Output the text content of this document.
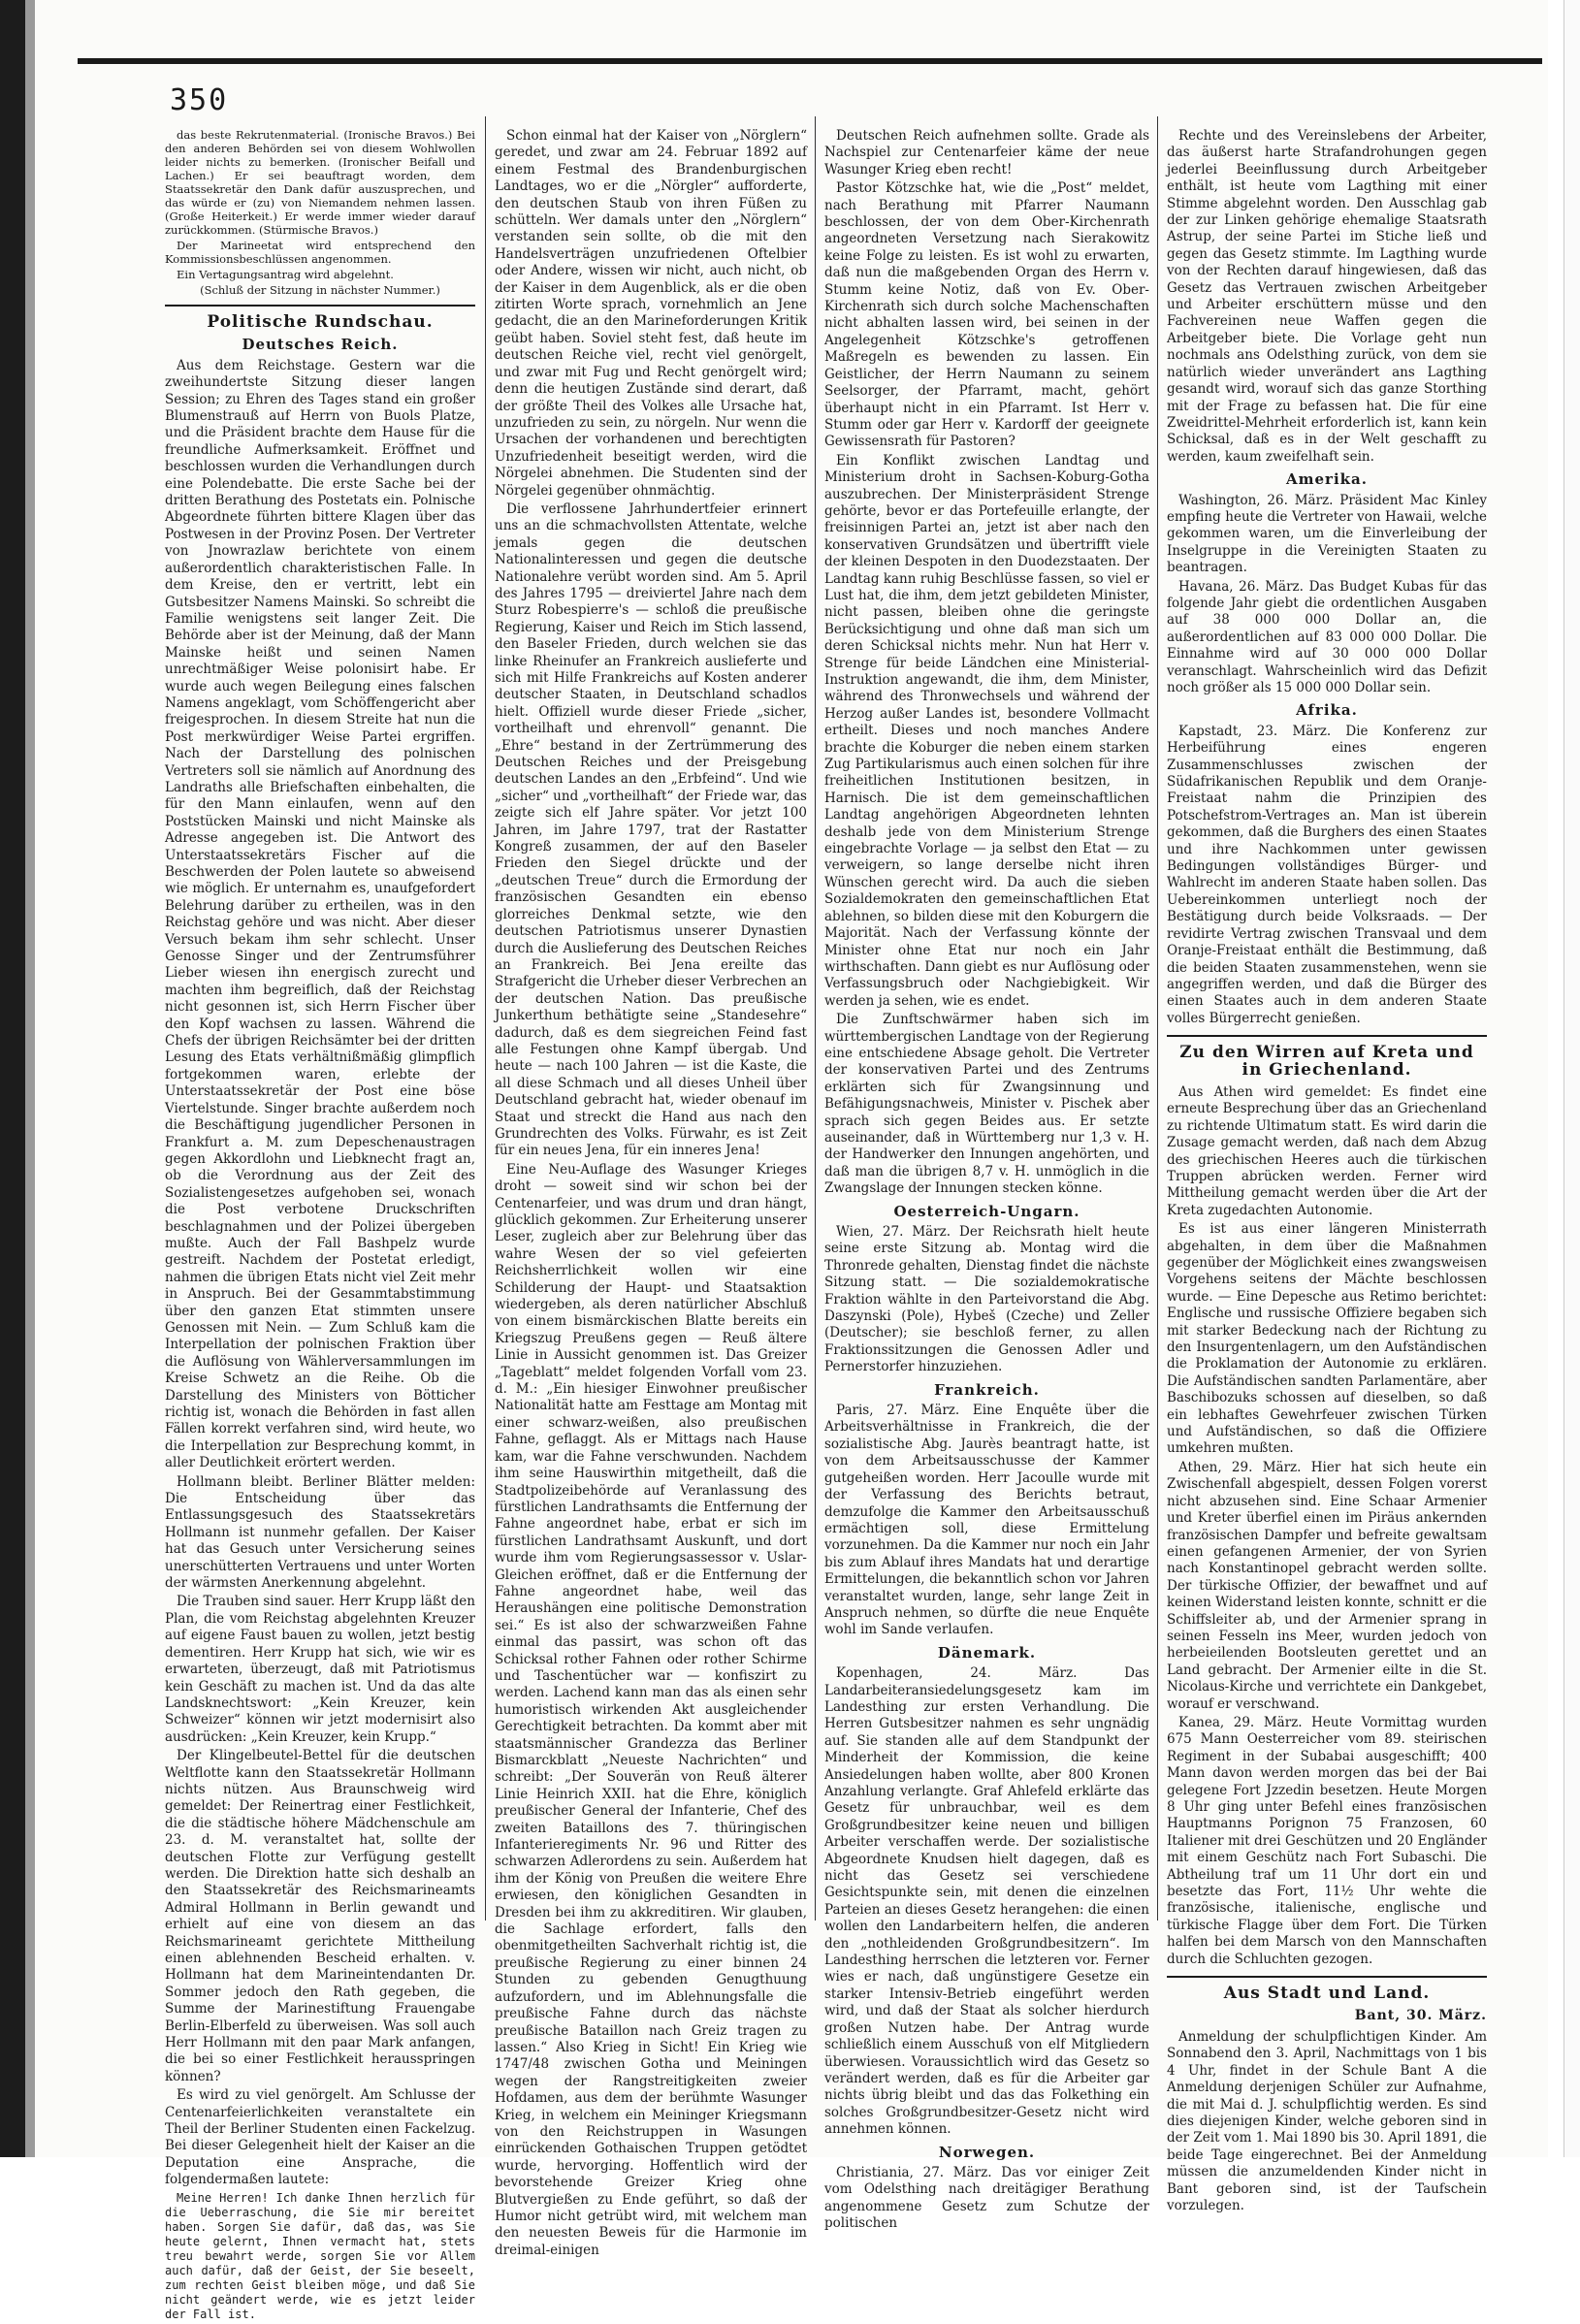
350

das beste Rekrutenmaterial. (Ironische Bravos.) Bei den anderen Behörden sei von diesem Wohlwollen leider nichts zu bemerken. (Ironischer Beifall und Lachen.) Er sei beauftragt worden, dem Staatssekretär den Dank dafür auszusprechen, und das würde er (zu) von Niemandem nehmen lassen. (Große Heiterkeit.) Er werde immer wieder darauf zurückkommen. (Stürmische Bravos.)

Der Marineetat wird entsprechend den Kommissionsbeschlüssen angenommen.

Ein Vertagungsantrag wird abgelehnt.

(Schluß der Sitzung in nächster Nummer.)

Politische Rundschau.
Deutsches Reich.

Aus dem Reichstage. Gestern war die zweihundertste Sitzung dieser langen Session; zu Ehren des Tages stand ein großer Blumenstrauß auf Herrn von Buols Platze, und die Präsident brachte dem Hause für die freundliche Aufmerksamkeit. Eröffnet und beschlossen wurden die Verhandlungen durch eine Polendebatte. Die erste Sache bei der dritten Berathung des Postetats ein. Polnische Abgeordnete führten bittere Klagen über das Postwesen in der Provinz Posen. Der Vertreter von Jnowrazlaw berichtete von einem außerordentlich charakteristischen Falle. In dem Kreise, den er vertritt, lebt ein Gutsbesitzer Namens Mainski. So schreibt die Familie wenigstens seit langer Zeit. Die Behörde aber ist der Meinung, daß der Mann Mainske heißt und seinen Namen unrechtmäßiger Weise polonisirt habe. Er wurde auch wegen Beilegung eines falschen Namens angeklagt, vom Schöffengericht aber freigesprochen. In diesem Streite hat nun die Post merkwürdiger Weise Partei ergriffen. Nach der Darstellung des polnischen Vertreters soll sie nämlich auf Anordnung des Landraths alle Briefschaften einbehalten, die für den Mann einlaufen, wenn auf den Poststücken Mainski und nicht Mainske als Adresse angegeben ist. Die Antwort des Unterstaatssekretärs Fischer auf die Beschwerden der Polen lautete so abweisend wie möglich. Er unternahm es, unaufgefordert Belehrung darüber zu ertheilen, was in den Reichstag gehöre und was nicht. Aber dieser Versuch bekam ihm sehr schlecht. Unser Genosse Singer und der Zentrumsführer Lieber wiesen ihn energisch zurecht und machten ihm begreiflich, daß der Reichstag nicht gesonnen ist, sich Herrn Fischer über den Kopf wachsen zu lassen. Während die Chefs der übrigen Reichsämter bei der dritten Lesung des Etats verhältnißmäßig glimpflich fortgekommen waren, erlebte der Unterstaatssekretär der Post eine böse Viertelstunde. Singer brachte außerdem noch die Beschäftigung jugendlicher Personen in Frankfurt a. M. zum Depeschenaustragen gegen Akkordlohn und Liebknecht fragt an, ob die Verordnung aus der Zeit des Sozialistengesetzes aufgehoben sei, wonach die Post verbotene Druckschriften beschlagnahmen und der Polizei übergeben mußte. Auch der Fall Bashpelz wurde gestreift. Nachdem der Postetat erledigt, nahmen die übrigen Etats nicht viel Zeit mehr in Anspruch. Bei der Gesammtabstimmung über den ganzen Etat stimmten unsere Genossen mit Nein. — Zum Schluß kam die Interpellation der polnischen Fraktion über die Auflösung von Wählerversammlungen im Kreise Schwetz an die Reihe. Ob die Darstellung des Ministers von Bötticher richtig ist, wonach die Behörden in fast allen Fällen korrekt verfahren sind, wird heute, wo die Interpellation zur Besprechung kommt, in aller Deutlichkeit erörtert werden.

Hollmann bleibt. Berliner Blätter melden: Die Entscheidung über das Entlassungsgesuch des Staatssekretärs Hollmann ist nunmehr gefallen. Der Kaiser hat das Gesuch unter Versicherung seines unerschütterten Vertrauens und unter Worten der wärmsten Anerkennung abgelehnt.

Die Trauben sind sauer. Herr Krupp läßt den Plan, die vom Reichstag abgelehnten Kreuzer auf eigene Faust bauen zu wollen, jetzt bestig dementiren. Herr Krupp hat sich, wie wir es erwarteten, überzeugt, daß mit Patriotismus kein Geschäft zu machen ist. Und da das alte Landsknechtswort: „Kein Kreuzer, kein Schweizer“ können wir jetzt modernisirt also ausdrücken: „Kein Kreuzer, kein Krupp.“

Der Klingelbeutel-Bettel für die deutschen Weltflotte kann den Staatssekretär Hollmann nichts nützen. Aus Braunschweig wird gemeldet: Der Reinertrag einer Festlichkeit, die die städtische höhere Mädchenschule am 23. d. M. veranstaltet hat, sollte der deutschen Flotte zur Verfügung gestellt werden. Die Direktion hatte sich deshalb an den Staatssekretär des Reichsmarineamts Admiral Hollmann in Berlin gewandt und erhielt auf eine von diesem an das Reichsmarineamt gerichtete Mittheilung einen ablehnenden Bescheid erhalten. v. Hollmann hat dem Marineintendanten Dr. Sommer jedoch den Rath gegeben, die Summe der Marinestiftung Frauengabe Berlin-Elberfeld zu überweisen. Was soll auch Herr Hollmann mit den paar Mark anfangen, die bei so einer Festlichkeit herausspringen können?

Es wird zu viel genörgelt. Am Schlusse der Centenarfeierlichkeiten veranstaltete ein Theil der Berliner Studenten einen Fackelzug. Bei dieser Gelegenheit hielt der Kaiser an die Deputation eine Ansprache, die folgendermaßen lautete:

Meine Herren! Ich danke Ihnen herzlich für die Ueberraschung, die Sie mir bereitet haben. Sorgen Sie dafür, daß das, was Sie heute gelernt, Ihnen vermacht hat, stets treu bewahrt werde, sorgen Sie vor Allem auch dafür, daß der Geist, der Sie beseelt, zum rechten Geist bleiben möge, und daß Sie nicht geändert werde, wie es jetzt leider der Fall ist.

Schon einmal hat der Kaiser von „Nörglern“ geredet, und zwar am 24. Februar 1892 auf einem Festmal des Brandenburgischen Landtages, wo er die „Nörgler“ aufforderte, den deutschen Staub von ihren Füßen zu schütteln. Wer damals unter den „Nörglern“ verstanden sein sollte, ob die mit den Handelsverträgen unzufriedenen Oftelbier oder Andere, wissen wir nicht, auch nicht, ob der Kaiser in dem Augenblick, als er die oben zitirten Worte sprach, vornehmlich an Jene gedacht, die an den Marineforderungen Kritik geübt haben. Soviel steht fest, daß heute im deutschen Reiche viel, recht viel genörgelt, und zwar mit Fug und Recht genörgelt wird; denn die heutigen Zustände sind derart, daß der größte Theil des Volkes alle Ursache hat, unzufrieden zu sein, zu nörgeln. Nur wenn die Ursachen der vorhandenen und berechtigten Unzufriedenheit beseitigt werden, wird die Nörgelei abnehmen. Die Studenten sind der Nörgelei gegenüber ohnmächtig.

Die verflossene Jahrhundertfeier erinnert uns an die schmachvollsten Attentate, welche jemals gegen die deutschen Nationalinteressen und gegen die deutsche Nationalehre verübt worden sind. Am 5. April des Jahres 1795 — dreiviertel Jahre nach dem Sturz Robespierre's — schloß die preußische Regierung, Kaiser und Reich im Stich lassend, den Baseler Frieden, durch welchen sie das linke Rheinufer an Frankreich auslieferte und sich mit Hilfe Frankreichs auf Kosten anderer deutscher Staaten, in Deutschland schadlos hielt. Offiziell wurde dieser Friede „sicher, vortheilhaft und ehrenvoll“ genannt. Die „Ehre“ bestand in der Zertrümmerung des Deutschen Reiches und der Preisgebung deutschen Landes an den „Erbfeind“. Und wie „sicher“ und „vortheilhaft“ der Friede war, das zeigte sich elf Jahre später. Vor jetzt 100 Jahren, im Jahre 1797, trat der Rastatter Kongreß zusammen, der auf den Baseler Frieden den Siegel drückte und der „deutschen Treue“ durch die Ermordung der französischen Gesandten ein ebenso glorreiches Denkmal setzte, wie den deutschen Patriotismus unserer Dynastien durch die Auslieferung des Deutschen Reiches an Frankreich. Bei Jena ereilte das Strafgericht die Urheber dieser Verbrechen an der deutschen Nation. Das preußische Junkerthum bethätigte seine „Standesehre“ dadurch, daß es dem siegreichen Feind fast alle Festungen ohne Kampf übergab. Und heute — nach 100 Jahren — ist die Kaste, die all diese Schmach und all dieses Unheil über Deutschland gebracht hat, wieder obenauf im Staat und streckt die Hand aus nach den Grundrechten des Volks. Fürwahr, es ist Zeit für ein neues Jena, für ein inneres Jena!

Eine Neu-Auflage des Wasunger Krieges droht — soweit sind wir schon bei der Centenarfeier, und was drum und dran hängt, glücklich gekommen. Zur Erheiterung unserer Leser, zugleich aber zur Belehrung über das wahre Wesen der so viel gefeierten Reichsherrlichkeit wollen wir eine Schilderung der Haupt- und Staatsaktion wiedergeben, als deren natürlicher Abschluß von einem bismärckischen Blatte bereits ein Kriegszug Preußens gegen — Reuß ältere Linie in Aussicht genommen ist. Das Greizer „Tageblatt“ meldet folgenden Vorfall vom 23. d. M.: „Ein hiesiger Einwohner preußischer Nationalität hatte am Festtage am Montag mit einer schwarz-weißen, also preußischen Fahne, geflaggt. Als er Mittags nach Hause kam, war die Fahne verschwunden. Nachdem ihm seine Hauswirthin mitgetheilt, daß die Stadtpolizeibehörde auf Veranlassung des fürstlichen Landrathsamts die Entfernung der Fahne angeordnet habe, erbat er sich im fürstlichen Landrathsamt Auskunft, und dort wurde ihm vom Regierungsassessor v. Uslar-Gleichen eröffnet, daß er die Entfernung der Fahne angeordnet habe, weil das Heraushängen eine politische Demonstration sei.“ Es ist also der schwarzweißen Fahne einmal das passirt, was schon oft das Schicksal rother Fahnen oder rother Schirme und Taschentücher war — konfiszirt zu werden. Lachend kann man das als einen sehr humoristisch wirkenden Akt ausgleichender Gerechtigkeit betrachten. Da kommt aber mit staatsmännischer Grandezza das Berliner Bismarckblatt „Neueste Nachrichten“ und schreibt: „Der Souverän von Reuß älterer Linie Heinrich XXII. hat die Ehre, königlich preußischer General der Infanterie, Chef des zweiten Bataillons des 7. thüringischen Infanterieregiments Nr. 96 und Ritter des schwarzen Adlerordens zu sein. Außerdem hat ihm der König von Preußen die weitere Ehre erwiesen, den königlichen Gesandten in Dresden bei ihm zu akkreditiren. Wir glauben, die Sachlage erfordert, falls den obenmitgetheilten Sachverhalt richtig ist, die preußische Regierung zu einer binnen 24 Stunden zu gebenden Genugthuung aufzufordern, und im Ablehnungsfalle die preußische Fahne durch das nächste preußische Bataillon nach Greiz tragen zu lassen.“ Also Krieg in Sicht! Ein Krieg wie 1747/48 zwischen Gotha und Meiningen wegen der Rangstreitigkeiten zweier Hofdamen, aus dem der berühmte Wasunger Krieg, in welchem ein Meininger Kriegsmann von den Reichstruppen in Wasungen einrückenden Gothaischen Truppen getödtet wurde, hervorging. Hoffentlich wird der bevorstehende Greizer Krieg ohne Blutvergießen zu Ende geführt, so daß der Humor nicht getrübt wird, mit welchem man den neuesten Beweis für die Harmonie im dreimal-einigen

Deutschen Reich aufnehmen sollte. Grade als Nachspiel zur Centenarfeier käme der neue Wasunger Krieg eben recht!

Pastor Kötzschke hat, wie die „Post“ meldet, nach Berathung mit Pfarrer Naumann beschlossen, der von dem Ober-Kirchenrath angeordneten Versetzung nach Sierakowitz keine Folge zu leisten. Es ist wohl zu erwarten, daß nun die maßgebenden Organ des Herrn v. Stumm keine Notiz, daß von Ev. Ober-Kirchenrath sich durch solche Machenschaften nicht abhalten lassen wird, bei seinen in der Angelegenheit Kötzschke's getroffenen Maßregeln es bewenden zu lassen. Ein Geistlicher, der Herrn Naumann zu seinem Seelsorger, der Pfarramt, macht, gehört überhaupt nicht in ein Pfarramt. Ist Herr v. Stumm oder gar Herr v. Kardorff der geeignete Gewissensrath für Pastoren?

Ein Konflikt zwischen Landtag und Ministerium droht in Sachsen-Koburg-Gotha auszubrechen. Der Ministerpräsident Strenge gehörte, bevor er das Portefeuille erlangte, der freisinnigen Partei an, jetzt ist aber nach den konservativen Grundsätzen und übertrifft viele der kleinen Despoten in den Duodezstaaten. Der Landtag kann ruhig Beschlüsse fassen, so viel er Lust hat, die ihm, dem jetzt gebildeten Minister, nicht passen, bleiben ohne die geringste Berücksichtigung und ohne daß man sich um deren Schicksal nichts mehr. Nun hat Herr v. Strenge für beide Ländchen eine Ministerial-Instruktion angewandt, die ihm, dem Minister, während des Thronwechsels und während der Herzog außer Landes ist, besondere Vollmacht ertheilt. Dieses und noch manches Andere brachte die Koburger die neben einem starken Zug Partikularismus auch einen solchen für ihre freiheitlichen Institutionen besitzen, in Harnisch. Die ist dem gemeinschaftlichen Landtag angehörigen Abgeordneten lehnten deshalb jede von dem Ministerium Strenge eingebrachte Vorlage — ja selbst den Etat — zu verweigern, so lange derselbe nicht ihren Wünschen gerecht wird. Da auch die sieben Sozialdemokraten den gemeinschaftlichen Etat ablehnen, so bilden diese mit den Koburgern die Majorität. Nach der Verfassung könnte der Minister ohne Etat nur noch ein Jahr wirthschaften. Dann giebt es nur Auflösung oder Verfassungsbruch oder Nachgiebigkeit. Wir werden ja sehen, wie es endet.

Die Zunftschwärmer haben sich im württembergischen Landtage von der Regierung eine entschiedene Absage geholt. Die Vertreter der konservativen Partei und des Zentrums erklärten sich für Zwangsinnung und Befähigungsnachweis, Minister v. Pischek aber sprach sich gegen Beides aus. Er setzte auseinander, daß in Württemberg nur 1,3 v. H. der Handwerker den Innungen angehörten, und daß man die übrigen 8,7 v. H. unmöglich in die Zwangslage der Innungen stecken könne.

Oesterreich-Ungarn.

Wien, 27. März. Der Reichsrath hielt heute seine erste Sitzung ab. Montag wird die Thronrede gehalten, Dienstag findet die nächste Sitzung statt. — Die sozialdemokratische Fraktion wählte in den Parteivorstand die Abg. Daszynski (Pole), Hybeš (Czeche) und Zeller (Deutscher); sie beschloß ferner, zu allen Fraktionssitzungen die Genossen Adler und Pernerstorfer hinzuziehen.

Frankreich.

Paris, 27. März. Eine Enquête über die Arbeitsverhältnisse in Frankreich, die der sozialistische Abg. Jaurès beantragt hatte, ist von dem Arbeitsausschusse der Kammer gutgeheißen worden. Herr Jacoulle wurde mit der Verfassung des Berichts betraut, demzufolge die Kammer den Arbeitsausschuß ermächtigen soll, diese Ermittelung vorzunehmen. Da die Kammer nur noch ein Jahr bis zum Ablauf ihres Mandats hat und derartige Ermittelungen, die bekanntlich schon vor Jahren veranstaltet wurden, lange, sehr lange Zeit in Anspruch nehmen, so dürfte die neue Enquête wohl im Sande verlaufen.

Dänemark.

Kopenhagen, 24. März. Das Landarbeiteransiedelungsgesetz kam im Landesthing zur ersten Verhandlung. Die Herren Gutsbesitzer nahmen es sehr ungnädig auf. Sie standen alle auf dem Standpunkt der Minderheit der Kommission, die keine Ansiedelungen haben wollte, aber 800 Kronen Anzahlung verlangte. Graf Ahlefeld erklärte das Gesetz für unbrauchbar, weil es dem Großgrundbesitzer keine neuen und billigen Arbeiter verschaffen werde. Der sozialistische Abgeordnete Knudsen hielt dagegen, daß es nicht das Gesetz sei verschiedene Gesichtspunkte sein, mit denen die einzelnen Parteien an dieses Gesetz herangehen: die einen wollen den Landarbeitern helfen, die anderen den „nothleidenden Großgrundbesitzern“. Im Landesthing herrschen die letzteren vor. Ferner wies er nach, daß ungünstigere Gesetze ein starker Intensiv-Betrieb eingeführt werden wird, und daß der Staat als solcher hierdurch großen Nutzen habe. Der Antrag wurde schließlich einem Ausschuß von elf Mitgliedern überwiesen. Voraussichtlich wird das Gesetz so verändert werden, daß es für die Arbeiter gar nichts übrig bleibt und das das Folkething ein solches Großgrundbesitzer-Gesetz nicht wird annehmen können.

Norwegen.

Christiania, 27. März. Das vor einiger Zeit vom Odelsthing nach dreitägiger Berathung angenommene Gesetz zum Schutze der politischen

Rechte und des Vereinslebens der Arbeiter, das äußerst harte Strafandrohungen gegen jederlei Beeinflussung durch Arbeitgeber enthält, ist heute vom Lagthing mit einer Stimme abgelehnt worden. Den Ausschlag gab der zur Linken gehörige ehemalige Staatsrath Astrup, der seine Partei im Stiche ließ und gegen das Gesetz stimmte. Im Lagthing wurde von der Rechten darauf hingewiesen, daß das Gesetz das Vertrauen zwischen Arbeitgeber und Arbeiter erschüttern müsse und den Fachvereinen neue Waffen gegen die Arbeitgeber biete. Die Vorlage geht nun nochmals ans Odelsthing zurück, von dem sie natürlich wieder unverändert ans Lagthing gesandt wird, worauf sich das ganze Storthing mit der Frage zu befassen hat. Die für eine Zweidrittel-Mehrheit erforderlich ist, kann kein Schicksal, daß es in der Welt geschafft zu werden, kaum zweifelhaft sein.

Amerika.

Washington, 26. März. Präsident Mac Kinley empfing heute die Vertreter von Hawaii, welche gekommen waren, um die Einverleibung der Inselgruppe in die Vereinigten Staaten zu beantragen.

Havana, 26. März. Das Budget Kubas für das folgende Jahr giebt die ordentlichen Ausgaben auf 38 000 000 Dollar an, die außerordentlichen auf 83 000 000 Dollar. Die Einnahme wird auf 30 000 000 Dollar veranschlagt. Wahrscheinlich wird das Defizit noch größer als 15 000 000 Dollar sein.

Afrika.

Kapstadt, 23. März. Die Konferenz zur Herbeiführung eines engeren Zusammenschlusses zwischen der Südafrikanischen Republik und dem Oranje-Freistaat nahm die Prinzipien des Potschefstrom-Vertrages an. Man ist überein gekommen, daß die Burghers des einen Staates und ihre Nachkommen unter gewissen Bedingungen vollständiges Bürger- und Wahlrecht im anderen Staate haben sollen. Das Uebereinkommen unterliegt noch der Bestätigung durch beide Volksraads. — Der revidirte Vertrag zwischen Transvaal und dem Oranje-Freistaat enthält die Bestimmung, daß die beiden Staaten zusammenstehen, wenn sie angegriffen werden, und daß die Bürger des einen Staates auch in dem anderen Staate volles Bürgerrecht genießen.

Zu den Wirren auf Kreta und in Griechenland.

Aus Athen wird gemeldet: Es findet eine erneute Besprechung über das an Griechenland zu richtende Ultimatum statt. Es wird darin die Zusage gemacht werden, daß nach dem Abzug des griechischen Heeres auch die türkischen Truppen abrücken werden. Ferner wird Mittheilung gemacht werden über die Art der Kreta zugedachten Autonomie.

Es ist aus einer längeren Ministerrath abgehalten, in dem über die Maßnahmen gegenüber der Möglichkeit eines zwangsweisen Vorgehens seitens der Mächte beschlossen wurde. — Eine Depesche aus Retimo berichtet: Englische und russische Offiziere begaben sich mit starker Bedeckung nach der Richtung zu den Insurgentenlagern, um den Aufständischen die Proklamation der Autonomie zu erklären. Die Aufständischen sandten Parlamentäre, aber Baschibozuks schossen auf dieselben, so daß ein lebhaftes Gewehrfeuer zwischen Türken und Aufständischen, so daß die Offiziere umkehren mußten.

Athen, 29. März. Hier hat sich heute ein Zwischenfall abgespielt, dessen Folgen vorerst nicht abzusehen sind. Eine Schaar Armenier und Kreter überfiel einen im Piräus ankernden französischen Dampfer und befreite gewaltsam einen gefangenen Armenier, der von Syrien nach Konstantinopel gebracht werden sollte. Der türkische Offizier, der bewaffnet und auf keinen Widerstand leisten konnte, schnitt er die Schiffsleiter ab, und der Armenier sprang in seinen Fesseln ins Meer, wurden jedoch von herbeieilenden Bootsleuten gerettet und an Land gebracht. Der Armenier eilte in die St. Nicolaus-Kirche und verrichtete ein Dankgebet, worauf er verschwand.

Kanea, 29. März. Heute Vormittag wurden 675 Mann Oesterreicher vom 89. steirischen Regiment in der Subabai ausgeschifft; 400 Mann davon werden morgen das bei der Bai gelegene Fort Jzzedin besetzen. Heute Morgen 8 Uhr ging unter Befehl eines französischen Hauptmanns Porignon 75 Franzosen, 60 Italiener mit drei Geschützen und 20 Engländer mit einem Geschütz nach Fort Subaschi. Die Abtheilung traf um 11 Uhr dort ein und besetzte das Fort, 11½ Uhr wehte die französische, italienische, englische und türkische Flagge über dem Fort. Die Türken halfen bei dem Marsch von den Mannschaften durch die Schluchten gezogen.

Aus Stadt und Land.
Bant, 30. März.

Anmeldung der schulpflichtigen Kinder. Am Sonnabend den 3. April, Nachmittags von 1 bis 4 Uhr, findet in der Schule Bant A die Anmeldung derjenigen Schüler zur Aufnahme, die mit Mai d. J. schulpflichtig werden. Es sind dies diejenigen Kinder, welche geboren sind in der Zeit vom 1. Mai 1890 bis 30. April 1891, die beide Tage eingerechnet. Bei der Anmeldung müssen die anzumeldenden Kinder nicht in Bant geboren sind, ist der Taufschein vorzulegen.
